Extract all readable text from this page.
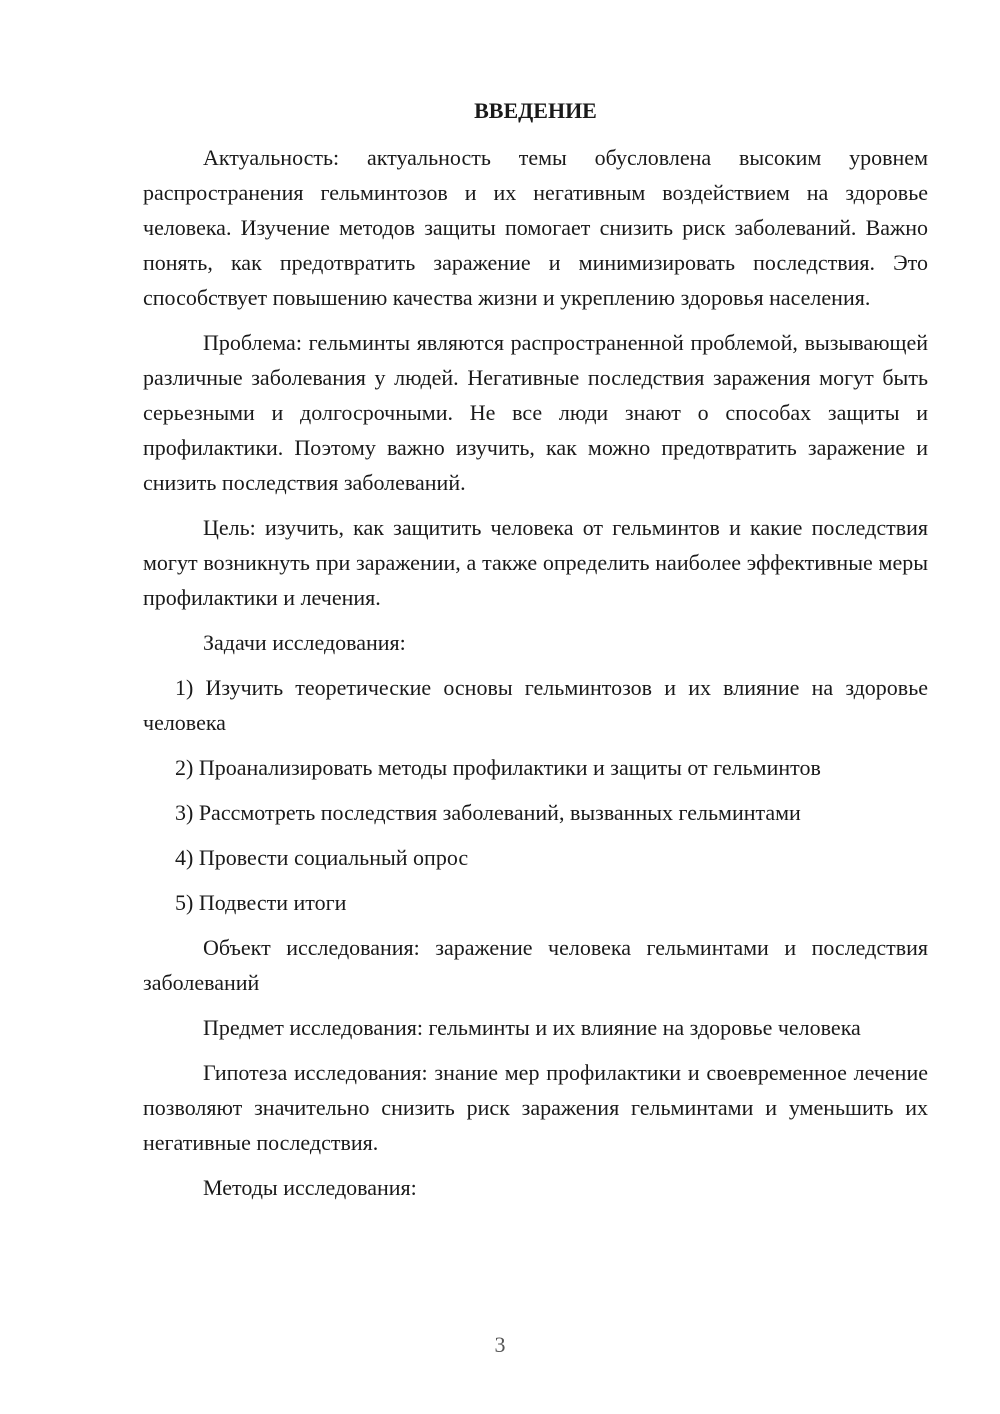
ВВЕДЕНИЕ

Актуальность: актуальность темы обусловлена высоким уровнем распространения гельминтозов и их негативным воздействием на здоровье человека. Изучение методов защиты помогает снизить риск заболеваний. Важно понять, как предотвратить заражение и минимизировать последствия. Это способствует повышению качества жизни и укреплению здоровья населения.

Проблема: гельминты являются распространенной проблемой, вызывающей различные заболевания у людей. Негативные последствия заражения могут быть серьезными и долгосрочными. Не все люди знают о способах защиты и профилактики. Поэтому важно изучить, как можно предотвратить заражение и снизить последствия заболеваний.

Цель: изучить, как защитить человека от гельминтов и какие последствия могут возникнуть при заражении, а также определить наиболее эффективные меры профилактики и лечения.

Задачи исследования:

1) Изучить теоретические основы гельминтозов и их влияние на здоровье человека

2) Проанализировать методы профилактики и защиты от гельминтов

3) Рассмотреть последствия заболеваний, вызванных гельминтами

4) Провести социальный опрос

5) Подвести итоги

Объект исследования: заражение человека гельминтами и последствия заболеваний

Предмет исследования: гельминты и их влияние на здоровье человека

Гипотеза исследования: знание мер профилактики и своевременное лечение позволяют значительно снизить риск заражения гельминтами и уменьшить их негативные последствия.

Методы исследования:

3
